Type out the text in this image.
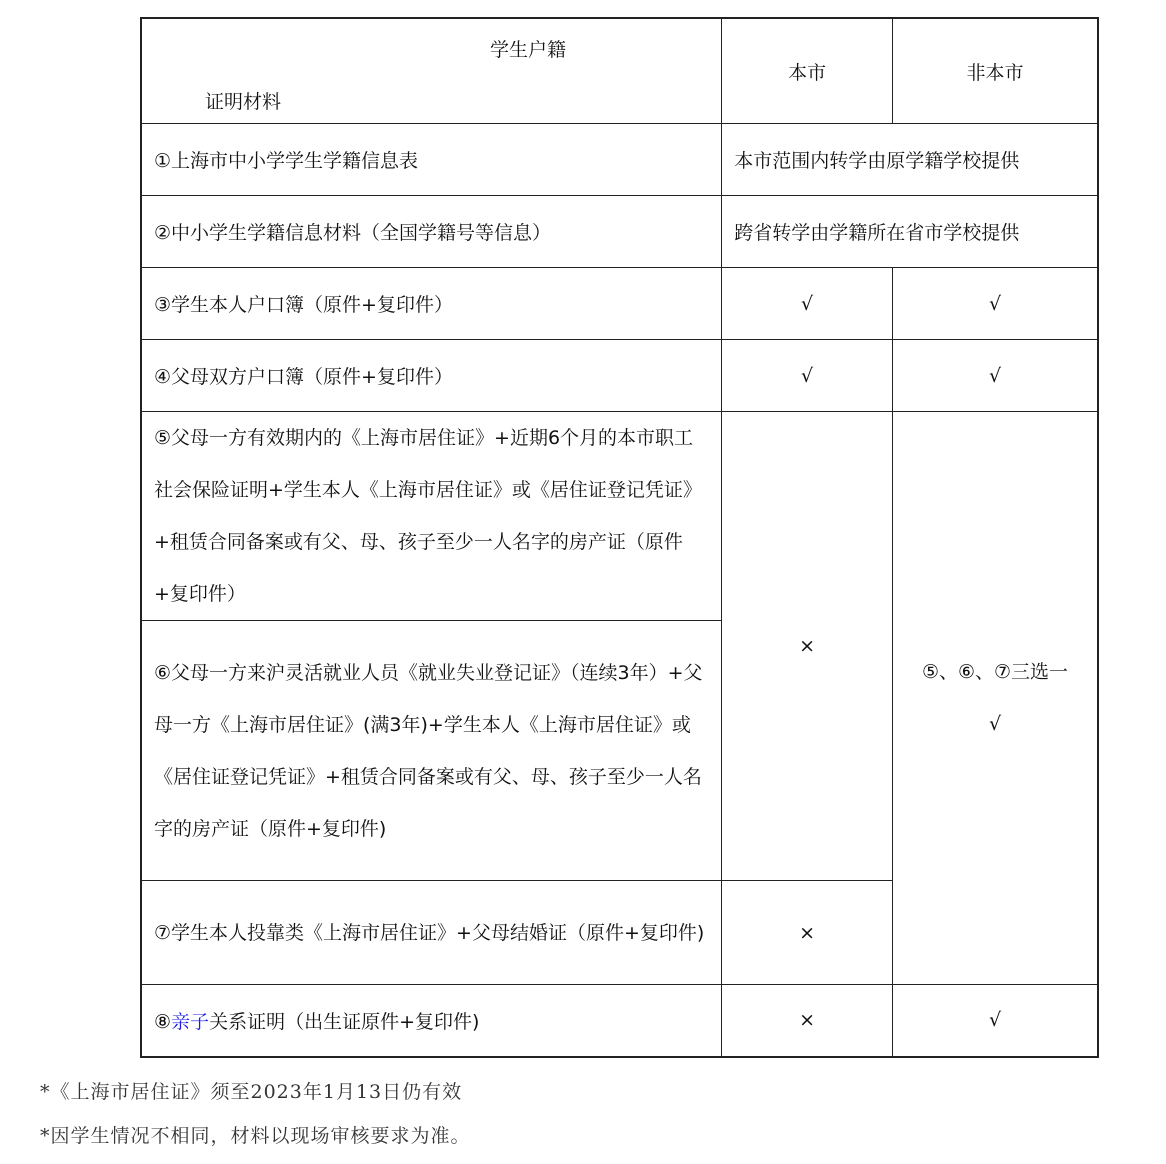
学生户籍
证明材料	本市	非本市
①上海市中小学学生学籍信息表	本市范围内转学由原学籍学校提供	
②中小学生学籍信息材料（全国学籍号等信息）	跨省转学由学籍所在省市学校提供	
③学生本人户口簿（原件+复印件）	√	√
④父母双方户口簿（原件+复印件）	√	√
⑤父母一方有效期内的《上海市居住证》+近期6个月的本市职工社会保险证明+学生本人《上海市居住证》或《居住证登记凭证》+租赁合同备案或有父、母、孩子至少一人名字的房产证（原件+复印件）	×	⑤、⑥、⑦三选一
√

⑥父母一方来沪灵活就业人员《就业失业登记证》（连续3年）+父母一方《上海市居住证》(满3年)+学生本人《上海市居住证》或《居住证登记凭证》+租赁合同备案或有父、母、孩子至少一人名字的房产证（原件+复印件)		
⑦学生本人投靠类《上海市居住证》+父母结婚证（原件+复印件)	×	
⑧亲子关系证明（出生证原件+复印件)	×	√
*《上海市居住证》须至2023年1月13日仍有效
*因学生情况不相同，材料以现场审核要求为准。
